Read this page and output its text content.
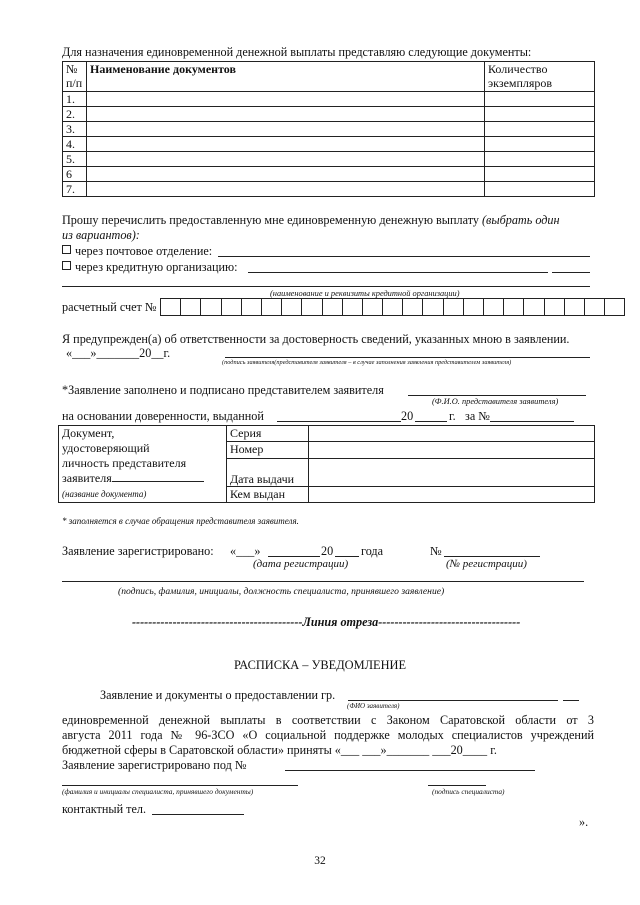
Для назначения единовременной денежной выплаты представляю следующие документы:
№
п/п	Наименование документов	Количество
экземпляров
1.		
2.		
3.		
4.		
5.		
6		
7.		
Прошу перечислить предоставленную мне единовременную денежную выплату (выбрать один
из вариантов):
через почтовое отделение:
через кредитную организацию:
(наименование и реквизиты кредитной организации)
расчетный счет №
Я предупрежден(а) об ответственности за достоверность сведений, указанных мною в заявлении.
«___»_______20__г.
(подпись заявителя(представителя заявителя – в случае заполнения заявления представителем заявителя)
*Заявление заполнено и подписано представителем заявителя
(Ф.И.О. представителя заявителя)
на основании доверенности, выданной	20	г. за №
Документ,
удостоверяющий
личность представителя
заявителя
(название документа)	Серия	
	Номер	
	Дата выдачи	
	Кем выдан	
* заполняется в случае обращения представителя заявителя.
Заявление зарегистрировано: «___»	20 года	№
(дата регистрации)	(№ регистрации)
(подпись, фамилия, инициалы, должность специалиста, принявшего заявление)
------------------------------------------Линия отреза-----------------------------------
РАСПИСКА – УВЕДОМЛЕНИЕ
Заявление и документы о предоставлении гр.
(ФИО заявителя)
единовременной денежной выплаты в соответствии с Законом Саратовской области от 3
августа 2011 года № 96-ЗСО «О социальной поддержке молодых специалистов учреждений
бюджетной сферы в Саратовской области» приняты «___ ___»_______ ___20____ г.
Заявление зарегистрировано под №
(фамилия и инициалы специалиста, принявшего документы)	(подпись специалиста)
контактный тел.
».
32
